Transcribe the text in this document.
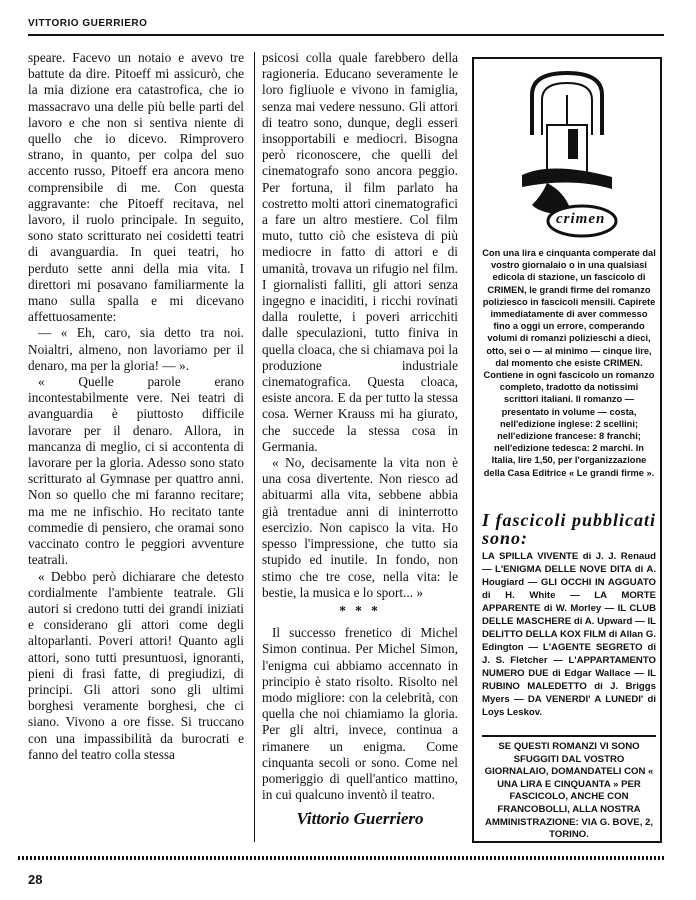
VITTORIO GUERRIERO

speare. Facevo un notaio e avevo tre battute da dire. Pitoeff mi assicurò, che la mia dizione era catastrofica, che io massacravo una delle più belle parti del lavoro e che non si sentiva niente di quello che io dicevo. Rimprovero strano, in quanto, per colpa del suo accento russo, Pitoeff era ancora meno comprensibile di me. Con questa aggravante: che Pitoeff recitava, nel lavoro, il ruolo principale. In seguito, sono stato scritturato nei cosidetti teatri di avanguardia. In quei teatri, ho perduto sette anni della mia vita. I direttori mi posavano familiarmente la mano sulla spalla e mi dicevano affettuosamente:

— « Eh, caro, sia detto tra noi. Noialtri, almeno, non lavoriamo per il denaro, ma per la gloria! — ».

« Quelle parole erano incontestabilmente vere. Nei teatri di avanguardia è piuttosto difficile lavorare per il denaro. Allora, in mancanza di meglio, ci si accontenta di lavorare per la gloria. Adesso sono stato scritturato al Gymnase per quattro anni. Non so quello che mi faranno recitare; ma me ne infischio. Ho recitato tante commedie di pensiero, che oramai sono vaccinato contro le peggiori avventure teatrali.

« Debbo però dichiarare che detesto cordialmente l'ambiente teatrale. Gli autori si credono tutti dei grandi iniziati e considerano gli attori come degli altoparlanti. Poveri attori! Quanto agli attori, sono tutti presuntuosi, ignoranti, pieni di frasi fatte, di pregiudizi, di principi. Gli attori sono gli ultimi borghesi veramente borghesi, che ci siano. Vivono a ore fisse. Si truccano con una impassibilità da burocrati e fanno del teatro colla stessa

psicosi colla quale farebbero della ragioneria. Educano severamente le loro figliuole e vivono in famiglia, senza mai vedere nessuno. Gli attori di teatro sono, dunque, degli esseri insopportabili e mediocri. Bisogna però riconoscere, che quelli del cinematografo sono ancora peggio. Per fortuna, il film parlato ha costretto molti attori cinematografici a fare un altro mestiere. Col film muto, tutto ciò che esisteva di più mediocre in fatto di attori e di umanità, trovava un rifugio nel film. I giornalisti falliti, gli attori senza ingegno e inaciditi, i ricchi rovinati dalla roulette, i poveri arricchiti dalle speculazioni, tutto finiva in quella cloaca, che si chiamava poi la produzione industriale cinematografica. Questa cloaca, esiste ancora. E da per tutto la stessa cosa. Werner Krauss mi ha giurato, che succede la stessa cosa in Germania.

« No, decisamente la vita non è una cosa divertente. Non riesco ad abituarmi alla vita, sebbene abbia già trentadue anni di ininterrotto esercizio. Non capisco la vita. Ho spesso l'impressione, che tutto sia stupido ed inutile. In fondo, non stimo che tre cose, nella vita: le bestie, la musica e lo sport... »

* * *

Il successo frenetico di Michel Simon continua. Per Michel Simon, l'enigma cui abbiamo accennato in principio è stato risolto. Risolto nel modo migliore: con la celebrità, con quella che noi chiamiamo la gloria. Per gli altri, invece, continua a rimanere un enigma. Come cinquanta secoli or sono. Come nel pomeriggio di quell'antico mattino, in cui qualcuno inventò il teatro.

Vittorio Guerriero
crimen
Con una lira e cinquanta comperate dal vostro giornalaio o in una qualsiasi edicola di stazione, un fascicolo di CRIMEN, le grandi firme del romanzo poliziesco in fascicoli mensili. Capirete immediatamente di aver commesso fino a oggi un errore, comperando volumi di romanzi polizieschi a dieci, otto, sei o — al minimo — cinque lire, dal momento che esiste CRIMEN. Contiene in ogni fascicolo un romanzo completo, tradotto da notissimi scrittori italiani. Il romanzo — presentato in volume — costa, nell'edizione inglese: 2 scellini; nell'edizione francese: 8 franchi; nell'edizione tedesca: 2 marchi. In Italia, lire 1,50, per l'organizzazione della Casa Editrice « Le grandi firme ».
I fascicoli pubblicati sono:
LA SPILLA VIVENTE di J. J. Renaud — L'ENIGMA DELLE NOVE DITA di A. Hougiard — GLI OCCHI IN AGGUATO di H. White — LA MORTE APPARENTE di W. Morley — IL CLUB DELLE MASCHERE di A. Upward — IL DELITTO DELLA KOX FILM di Allan G. Edington — L'AGENTE SEGRETO di J. S. Fletcher — L'APPARTAMENTO NUMERO DUE di Edgar Wallace — IL RUBINO MALEDETTO di J. Briggs Myers — DA VENERDI' A LUNEDI' di Loys Leskov.
SE QUESTI ROMANZI VI SONO SFUGGITI DAL VOSTRO GIORNALAIO, DOMANDATELI CON « UNA LIRA E CINQUANTA » PER FASCICOLO, ANCHE CON FRANCOBOLLI, ALLA NOSTRA AMMINISTRAZIONE: VIA G. BOVE, 2, TORINO.
28
